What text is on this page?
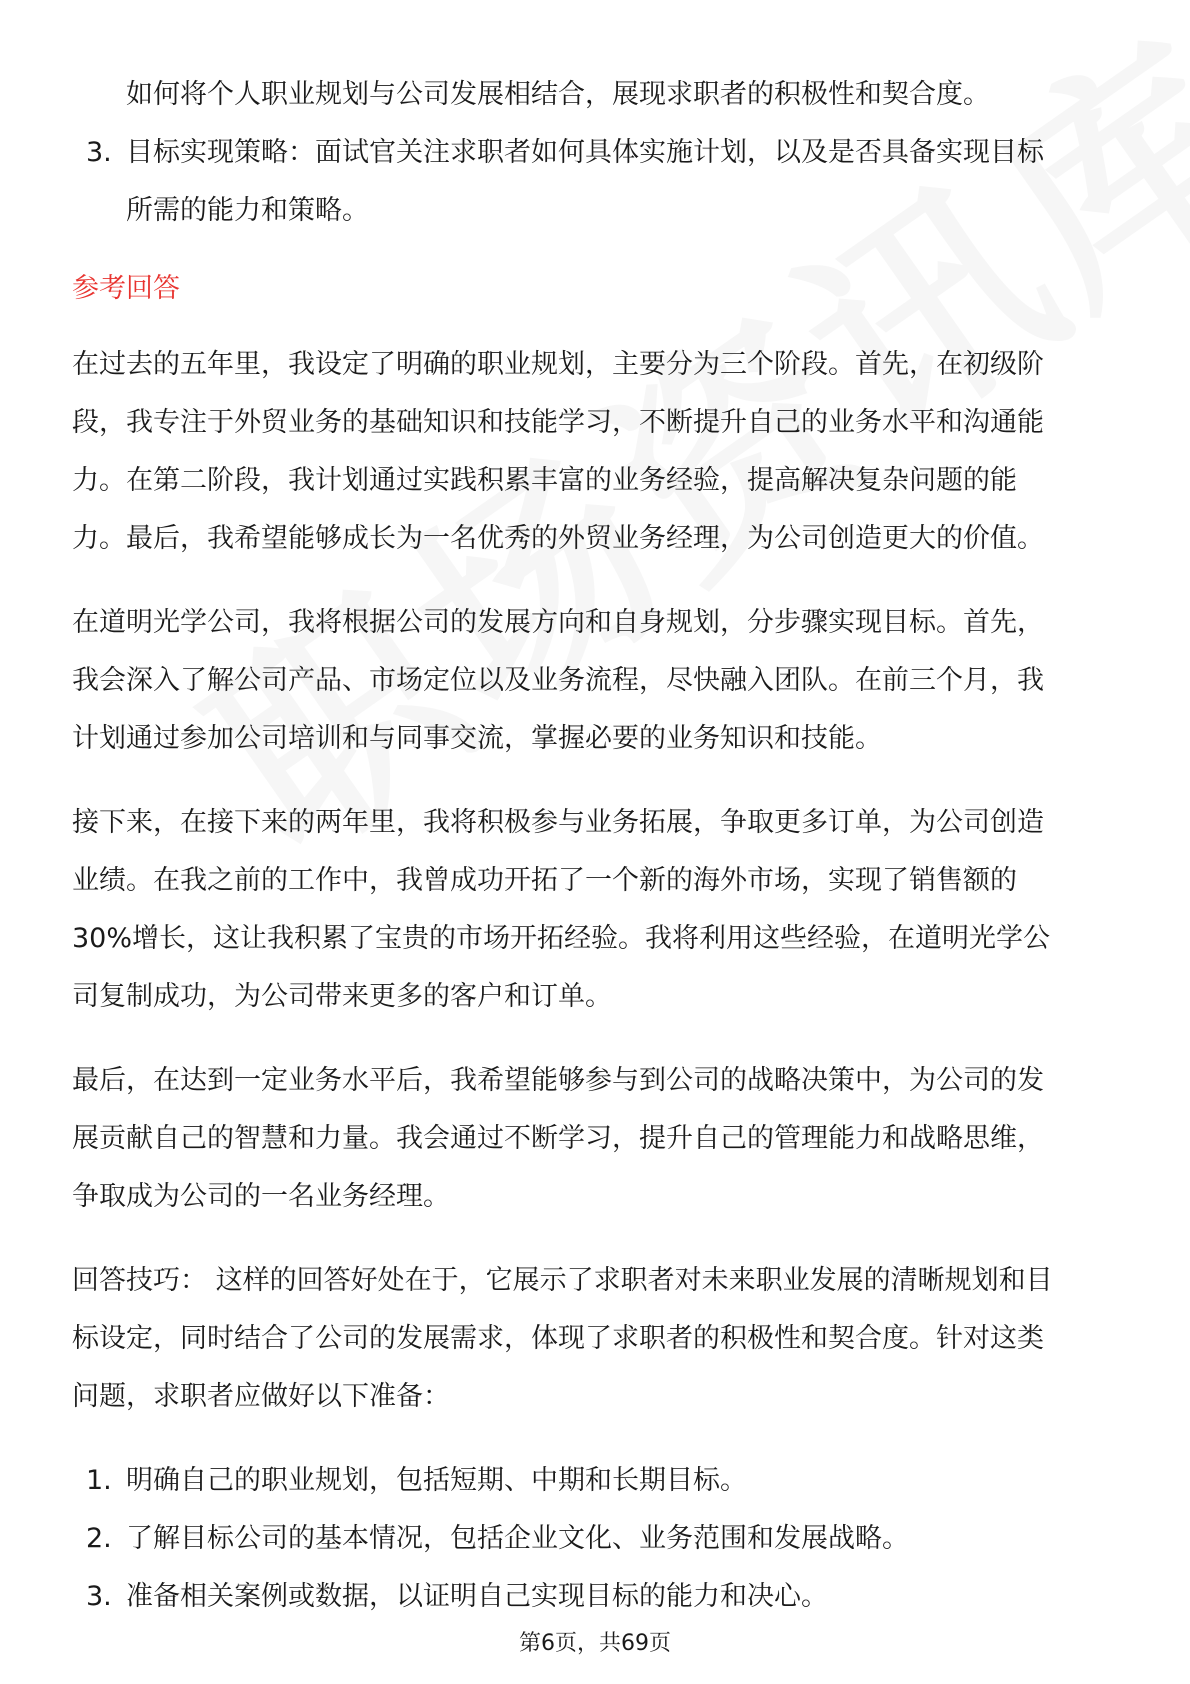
如何将个人职业规划与公司发展相结合，展现求职者的积极性和契合度。
3. 目标实现策略：面试官关注求职者如何具体实施计划，以及是否具备实现目标
所需的能力和策略。
参考回答
在过去的五年里，我设定了明确的职业规划，主要分为三个阶段。首先，在初级阶
段，我专注于外贸业务的基础知识和技能学习，不断提升自己的业务水平和沟通能
力。在第二阶段，我计划通过实践积累丰富的业务经验，提高解决复杂问题的能
力。最后，我希望能够成长为一名优秀的外贸业务经理，为公司创造更大的价值。
在道明光学公司，我将根据公司的发展方向和自身规划，分步骤实现目标。首先，
我会深入了解公司产品、市场定位以及业务流程，尽快融入团队。在前三个月，我
计划通过参加公司培训和与同事交流，掌握必要的业务知识和技能。
接下来，在接下来的两年里，我将积极参与业务拓展，争取更多订单，为公司创造
业绩。在我之前的工作中，我曾成功开拓了一个新的海外市场，实现了销售额的
30%增长，这让我积累了宝贵的市场开拓经验。我将利用这些经验，在道明光学公
司复制成功，为公司带来更多的客户和订单。
最后，在达到一定业务水平后，我希望能够参与到公司的战略决策中，为公司的发
展贡献自己的智慧和力量。我会通过不断学习，提升自己的管理能力和战略思维，
争取成为公司的一名业务经理。
回答技巧： 这样的回答好处在于，它展示了求职者对未来职业发展的清晰规划和目
标设定，同时结合了公司的发展需求，体现了求职者的积极性和契合度。针对这类
问题，求职者应做好以下准备：
1. 明确自己的职业规划，包括短期、中期和长期目标。
2. 了解目标公司的基本情况，包括企业文化、业务范围和发展战略。
3. 准备相关案例或数据，以证明自己实现目标的能力和决心。
第6页，共69页
